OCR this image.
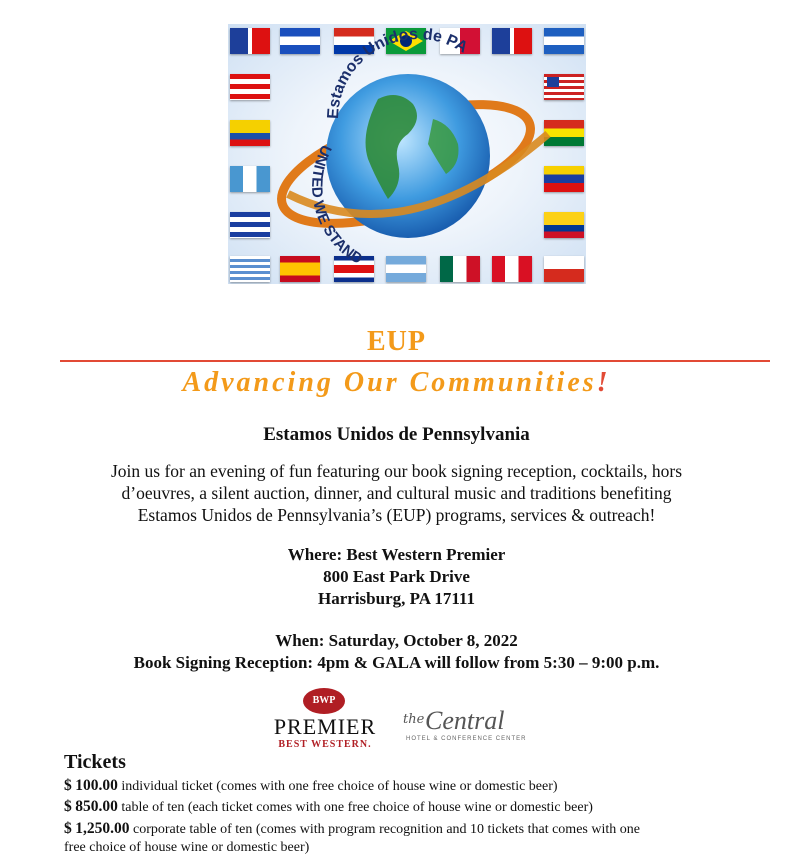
Estamos Unidos de PA
UNITED WE STAND
EUP
Advancing Our Communities!
Estamos Unidos de Pennsylvania
Join us for an evening of fun featuring our book signing reception, cocktails, hors
d’oeuvres, a silent auction, dinner, and cultural music and traditions benefiting
Estamos Unidos de Pennsylvania’s (EUP) programs, services & outreach!
Where: Best Western Premier
800 East Park Drive
Harrisburg, PA 17111
When: Saturday, October 8, 2022
Book Signing Reception: 4pm & GALA will follow from 5:30 – 9:00 p.m.
BWP
PREMIER
BEST WESTERN.
the Central
HOTEL & CONFERENCE CENTER
Tickets
$ 100.00 individual ticket (comes with one free choice of house wine or domestic beer)
$ 850.00 table of ten (each ticket comes with one free choice of house wine or domestic beer)
$ 1,250.00 corporate table of ten (comes with program recognition and 10 tickets that comes with one
free choice of house wine or domestic beer)
